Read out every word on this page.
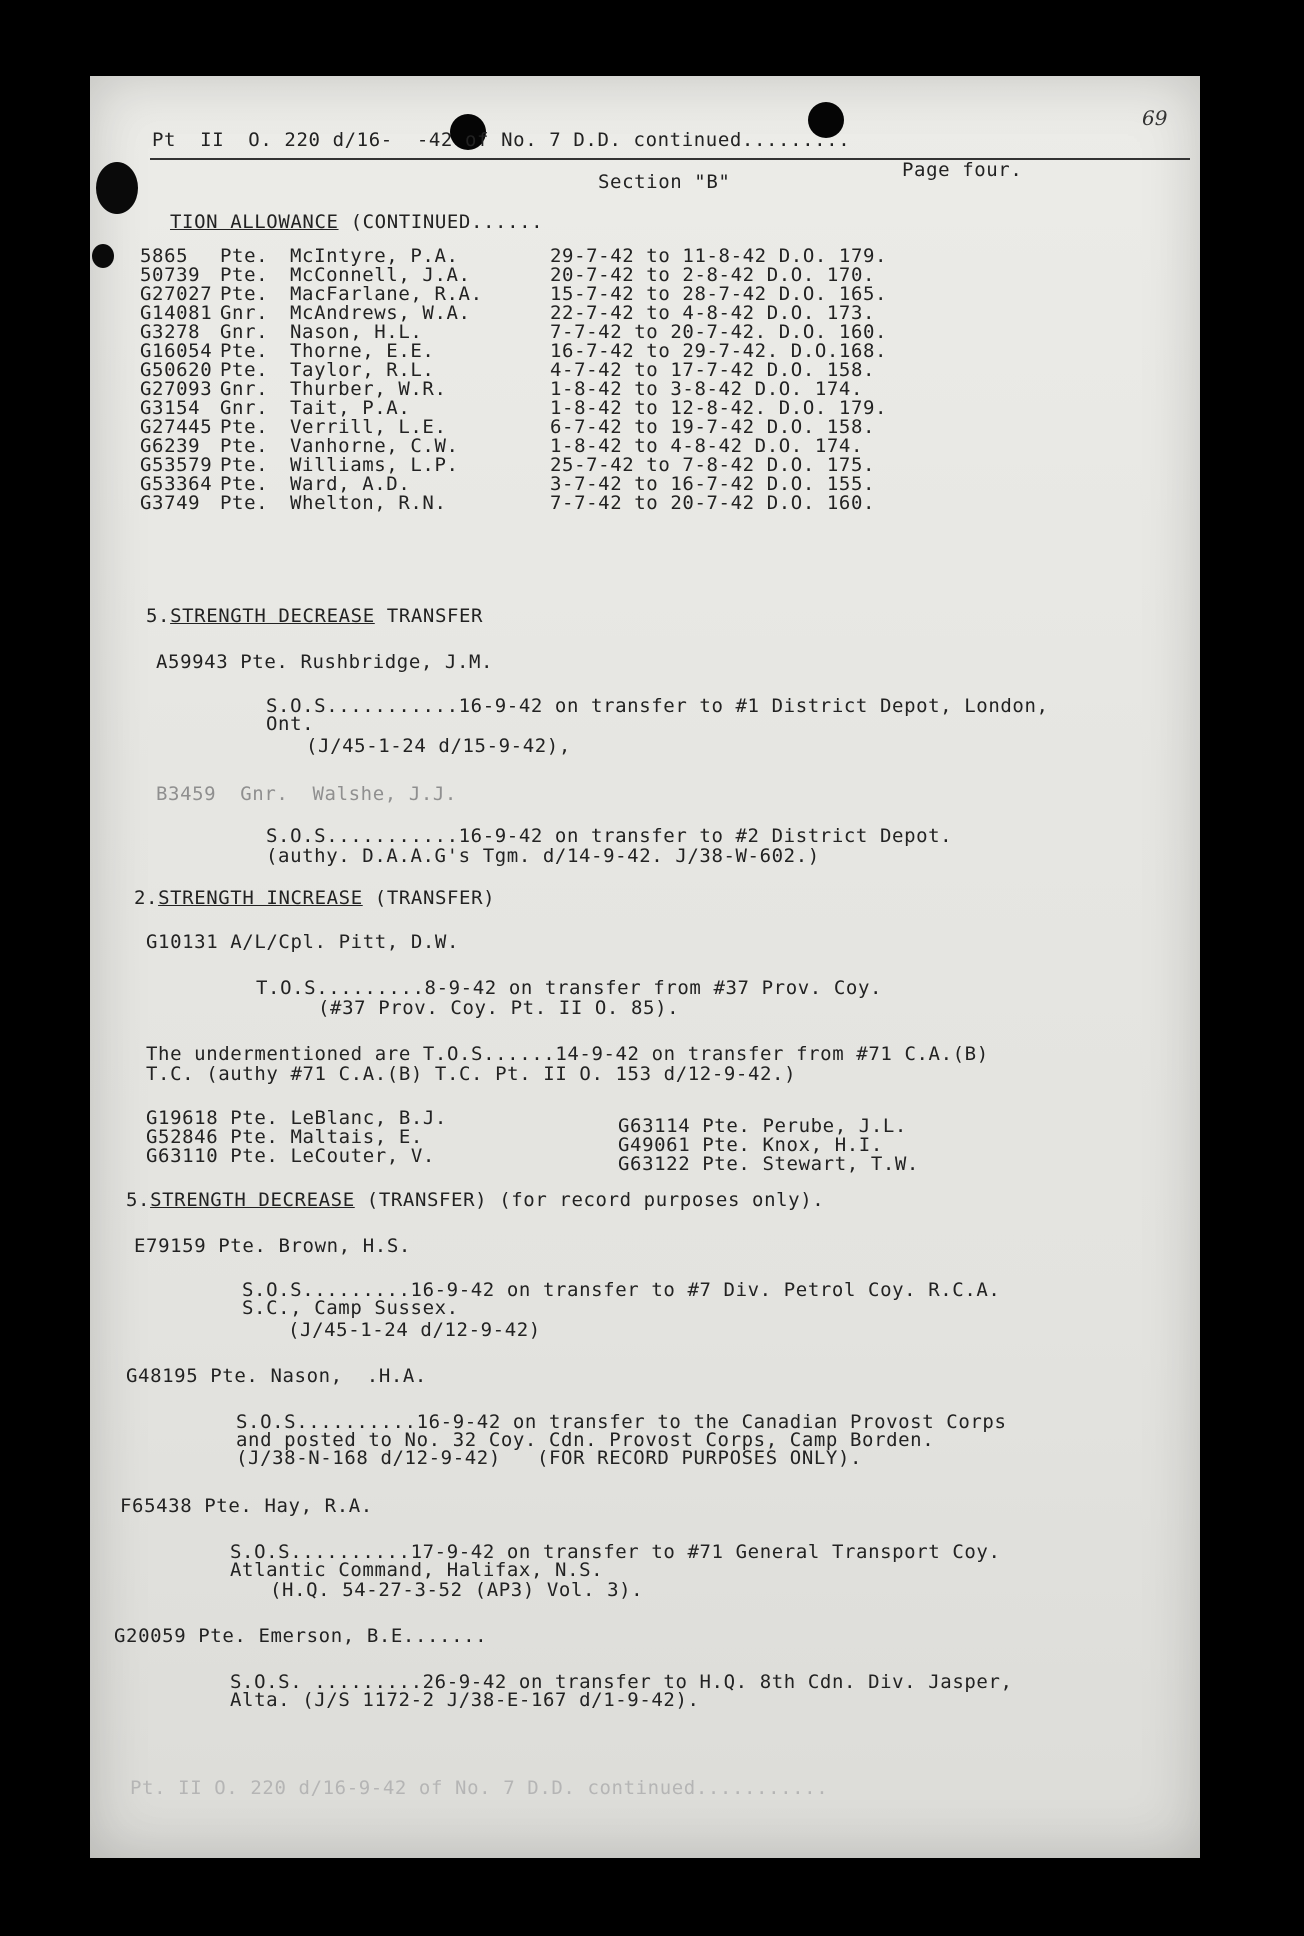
Pt  II  O. 220 d/16-  -42 of No. 7 D.D. continued.........
69
Page four.
Section "B"
TION ALLOWANCE (CONTINUED......
5865 Pte. McIntyre, P.A.	29-7-42 to 11-8-42 D.O. 179.
50739 Pte. McConnell, J.A.	20-7-42 to 2-8-42 D.O. 170.
G27027 Pte. MacFarlane, R.A.	15-7-42 to 28-7-42 D.O. 165.
G14081 Gnr. McAndrews, W.A.	22-7-42 to 4-8-42 D.O. 173.
G3278 Gnr. Nason, H.L.	7-7-42 to 20-7-42. D.O. 160.
G16054 Pte. Thorne, E.E.	16-7-42 to 29-7-42. D.O.168.
G50620 Pte. Taylor, R.L.	4-7-42 to 17-7-42 D.O. 158.
G27093 Gnr. Thurber, W.R.	1-8-42 to 3-8-42 D.O. 174.
G3154 Gnr. Tait, P.A.	1-8-42 to 12-8-42. D.O. 179.
G27445 Pte. Verrill, L.E.	6-7-42 to 19-7-42 D.O. 158.
G6239 Pte. Vanhorne, C.W.	1-8-42 to 4-8-42 D.O. 174.
G53579 Pte. Williams, L.P.	25-7-42 to 7-8-42 D.O. 175.
G53364 Pte. Ward, A.D.	3-7-42 to 16-7-42 D.O. 155.
G3749 Pte. Whelton, R.N.	7-7-42 to 20-7-42 D.O. 160.
5.STRENGTH DECREASE TRANSFER
A59943 Pte. Rushbridge, J.M.
S.O.S...........16-9-42 on transfer to #1 District Depot, London,
Ont.
(J/45-1-24 d/15-9-42),
B3459  Gnr.  Walshe, J.J.
S.O.S...........16-9-42 on transfer to #2 District Depot.
(authy. D.A.A.G's Tgm. d/14-9-42. J/38-W-602.)
2.STRENGTH INCREASE (TRANSFER)
G10131 A/L/Cpl. Pitt, D.W.
T.O.S.........8-9-42 on transfer from #37 Prov. Coy.
(#37 Prov. Coy. Pt. II O. 85).
The undermentioned are T.O.S......14-9-42 on transfer from #71 C.A.(B)
T.C. (authy #71 C.A.(B) T.C. Pt. II O. 153 d/12-9-42.)
G19618 Pte. LeBlanc, B.J.
G52846 Pte. Maltais, E.
G63110 Pte. LeCouter, V.
G63114 Pte. Perube, J.L.
G49061 Pte. Knox, H.I.
G63122 Pte. Stewart, T.W.
5.STRENGTH DECREASE (TRANSFER) (for record purposes only).
E79159 Pte. Brown, H.S.
S.O.S.........16-9-42 on transfer to #7 Div. Petrol Coy. R.C.A.
S.C., Camp Sussex.
(J/45-1-24 d/12-9-42)
G48195 Pte. Nason,  .H.A.
S.O.S..........16-9-42 on transfer to the Canadian Provost Corps
and posted to No. 32 Coy. Cdn. Provost Corps, Camp Borden.
(J/38-N-168 d/12-9-42)   (FOR RECORD PURPOSES ONLY).
F65438 Pte. Hay, R.A.
S.O.S..........17-9-42 on transfer to #71 General Transport Coy.
Atlantic Command, Halifax, N.S.
(H.Q. 54-27-3-52 (AP3) Vol. 3).
G20059 Pte. Emerson, B.E.......
S.O.S. .........26-9-42 on transfer to H.Q. 8th Cdn. Div. Jasper,
Alta. (J/S 1172-2 J/38-E-167 d/1-9-42).
Pt. II O. 220 d/16-9-42 of No. 7 D.D. continued...........
